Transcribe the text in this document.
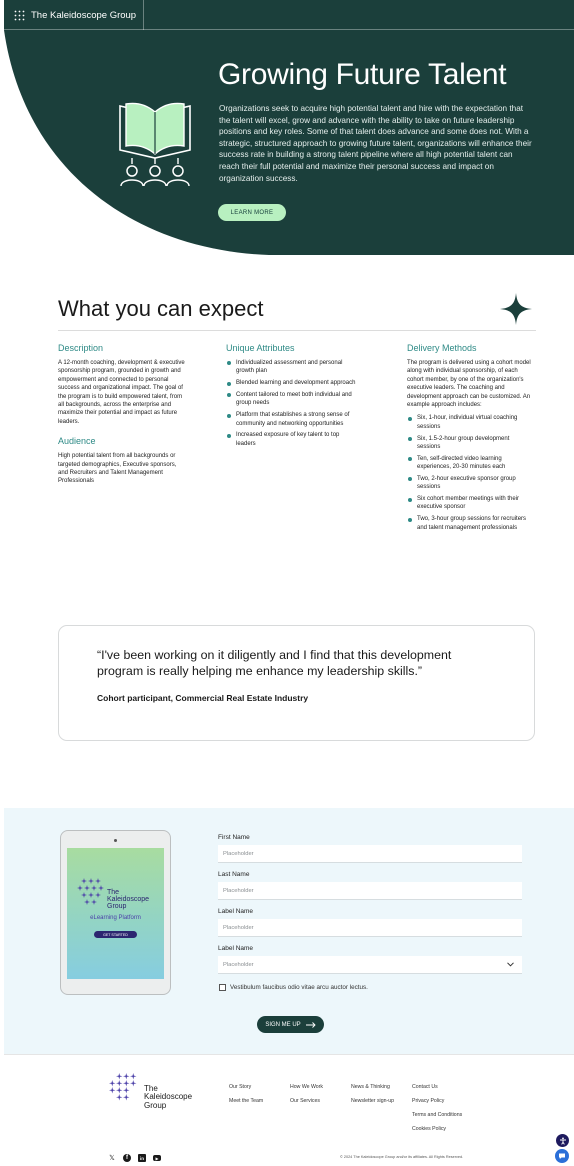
The Kaleidoscope Group
Growing Future Talent
Organizations seek to acquire high potential talent and hire with the expectation that the talent will excel, grow and advance with the ability to take on future leadership positions and key roles. Some of that talent does advance and some does not. With a strategic, structured approach to growing future talent, organizations will enhance their success rate in building a strong talent pipeline where all high potential talent can reach their full potential and maximize their personal success and impact on organization success.
LEARN MORE
What you can expect
Description
A 12-month coaching, development & executive sponsorship program, grounded in growth and empowerment and connected to personal success and organizational impact. The goal of the program is to build empowered talent, from all backgrounds, across the enterprise and maximize their potential and impact as future leaders.
Audience
High potential talent from all backgrounds or targeted demographics, Executive sponsors, and Recruiters and Talent Management Professionals
Unique Attributes
Individualized assessment and personal growth plan
Blended learning and development approach
Content tailored to meet both individual and group needs
Platform that establishes a strong sense of community and networking opportunities
Increased exposure of key talent to top leaders
Delivery Methods
The program is delivered using a cohort model along with individual sponsorship, of each cohort member, by one of the organization's executive leaders. The coaching and development approach can be customized. An example approach includes:
Six, 1-hour, individual virtual coaching sessions
Six, 1.5-2-hour group development sessions
Ten, self-directed video learning experiences, 20-30 minutes each
Two, 2-hour executive sponsor group sessions
Six cohort member meetings with their executive sponsor
Two, 3-hour group sessions for recruiters and talent management professionals
“I've been working on it diligently and I find that this development program is really helping me enhance my leadership skills.”
Cohort participant, Commercial Real Estate Industry
The
Kaleidoscope
Group
eLearning Platform
GET STARTED
First Name
Placeholder
Last Name
Placeholder
Label Name
Placeholder
Label Name
Placeholder
Vestibulum faucibus odio vitae arcu auctor lectus.
SIGN ME UP
The
Kaleidoscope
Group
Our Story
Meet the Team
How We Work
Our Services
News & Thinking
Newsletter sign-up
Contact Us
Privacy Policy
Terms and Conditions
Cookies Policy
𝕏	f	in	▶	© 2024 The Kaleidoscope Group and/or its affiliates. All Rights Reserved.
